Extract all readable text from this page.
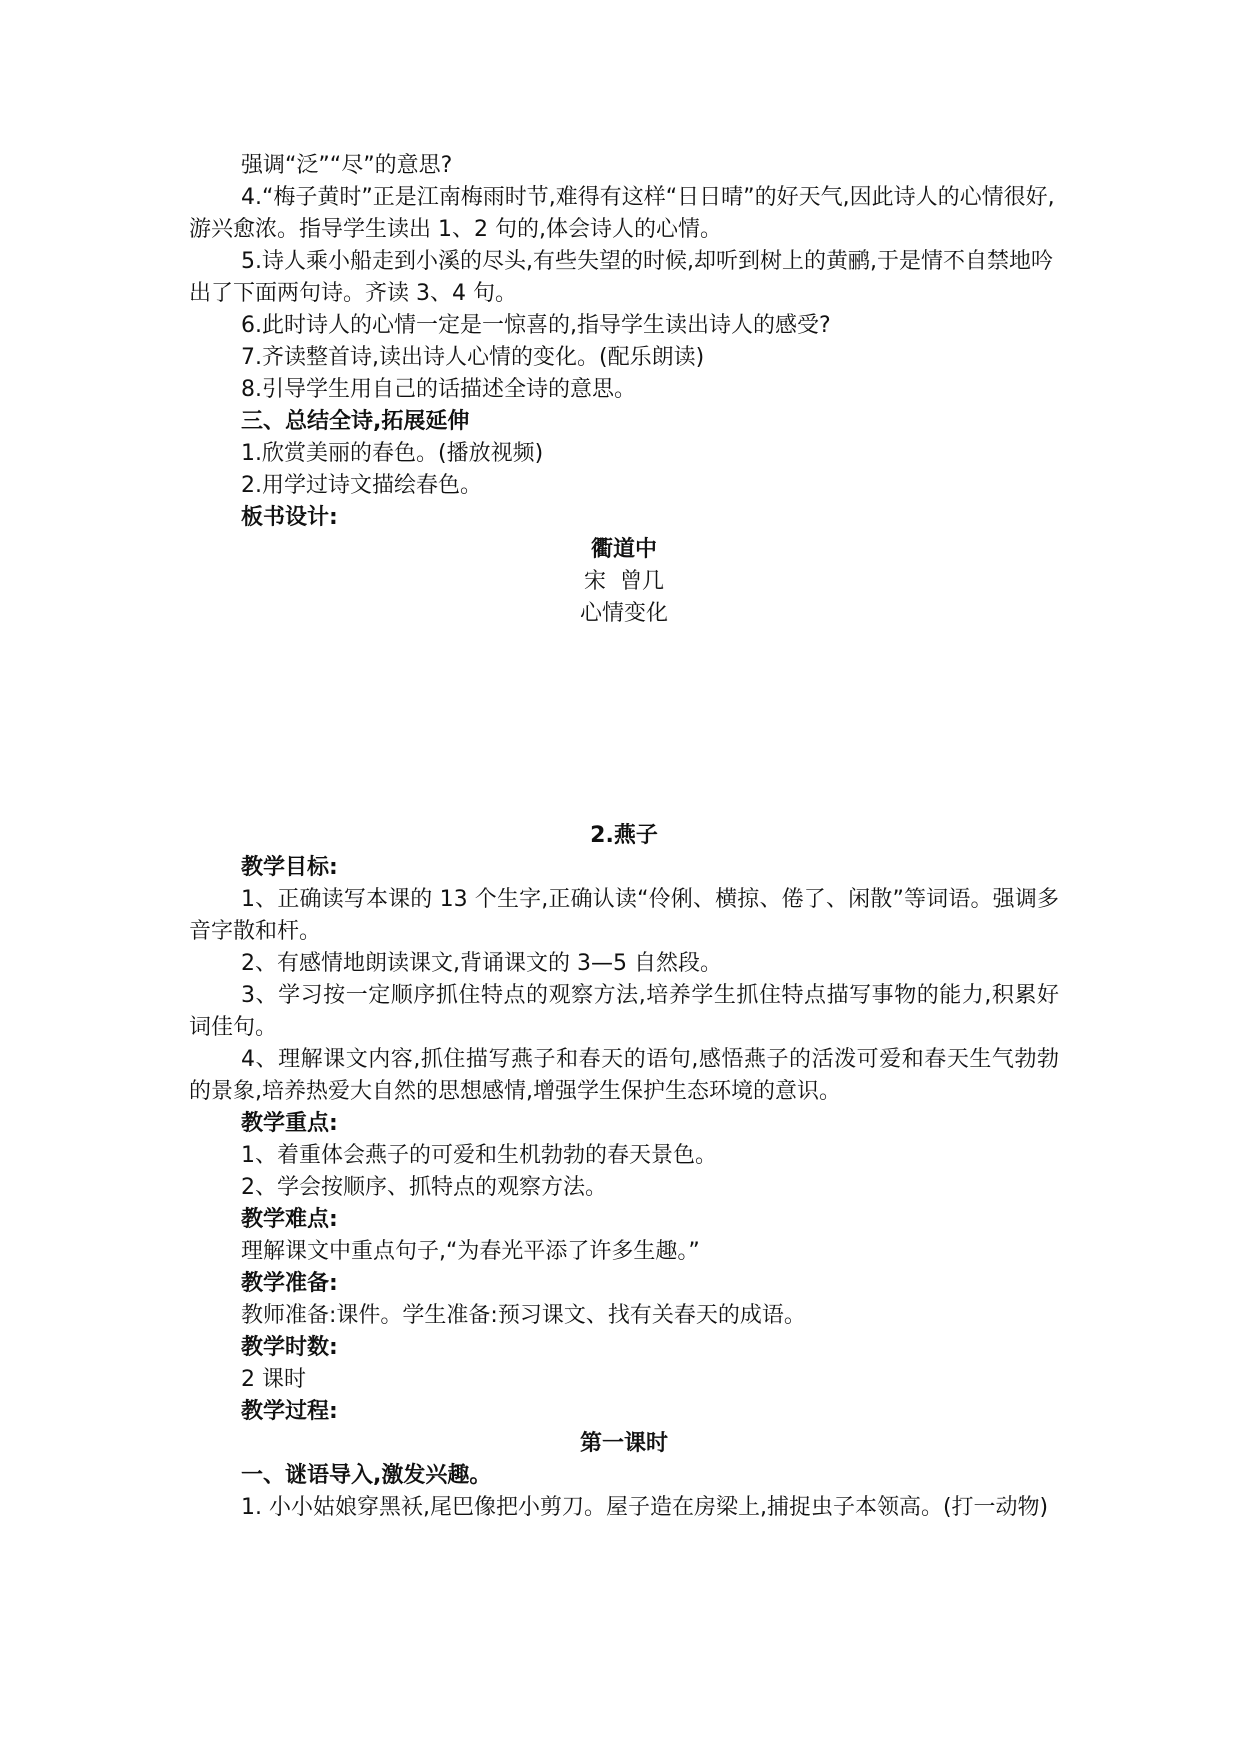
强调“泛”“尽”的意思?

4.“梅子黄时”正是江南梅雨时节,难得有这样“日日晴”的好天气,因此诗人的心情很好,游兴愈浓。指导学生读出 1、2 句的,体会诗人的心情。

5.诗人乘小船走到小溪的尽头,有些失望的时候,却听到树上的黄鹂,于是情不自禁地吟出了下面两句诗。齐读 3、4 句。

6.此时诗人的心情一定是一惊喜的,指导学生读出诗人的感受?

7.齐读整首诗,读出诗人心情的变化。(配乐朗读)

8.引导学生用自己的话描述全诗的意思。

三、总结全诗,拓展延伸

1.欣赏美丽的春色。(播放视频)

2.用学过诗文描绘春色。

板书设计:

衢道中

宋  曾几

心情变化

2.燕子

教学目标:

1、正确读写本课的 13 个生字,正确认读“伶俐、横掠、倦了、闲散”等词语。强调多音字散和杆。

2、有感情地朗读课文,背诵课文的 3—5 自然段。

3、学习按一定顺序抓住特点的观察方法,培养学生抓住特点描写事物的能力,积累好词佳句。

4、理解课文内容,抓住描写燕子和春天的语句,感悟燕子的活泼可爱和春天生气勃勃的景象,培养热爱大自然的思想感情,增强学生保护生态环境的意识。

教学重点:

1、着重体会燕子的可爱和生机勃勃的春天景色。

2、学会按顺序、抓特点的观察方法。

教学难点:

理解课文中重点句子,“为春光平添了许多生趣。”

教学准备:

教师准备:课件。学生准备:预习课文、找有关春天的成语。

教学时数:

2 课时

教学过程:

第一课时

一、谜语导入,激发兴趣。

1. 小小姑娘穿黑袄,尾巴像把小剪刀。屋子造在房梁上,捕捉虫子本领高。(打一动物)
